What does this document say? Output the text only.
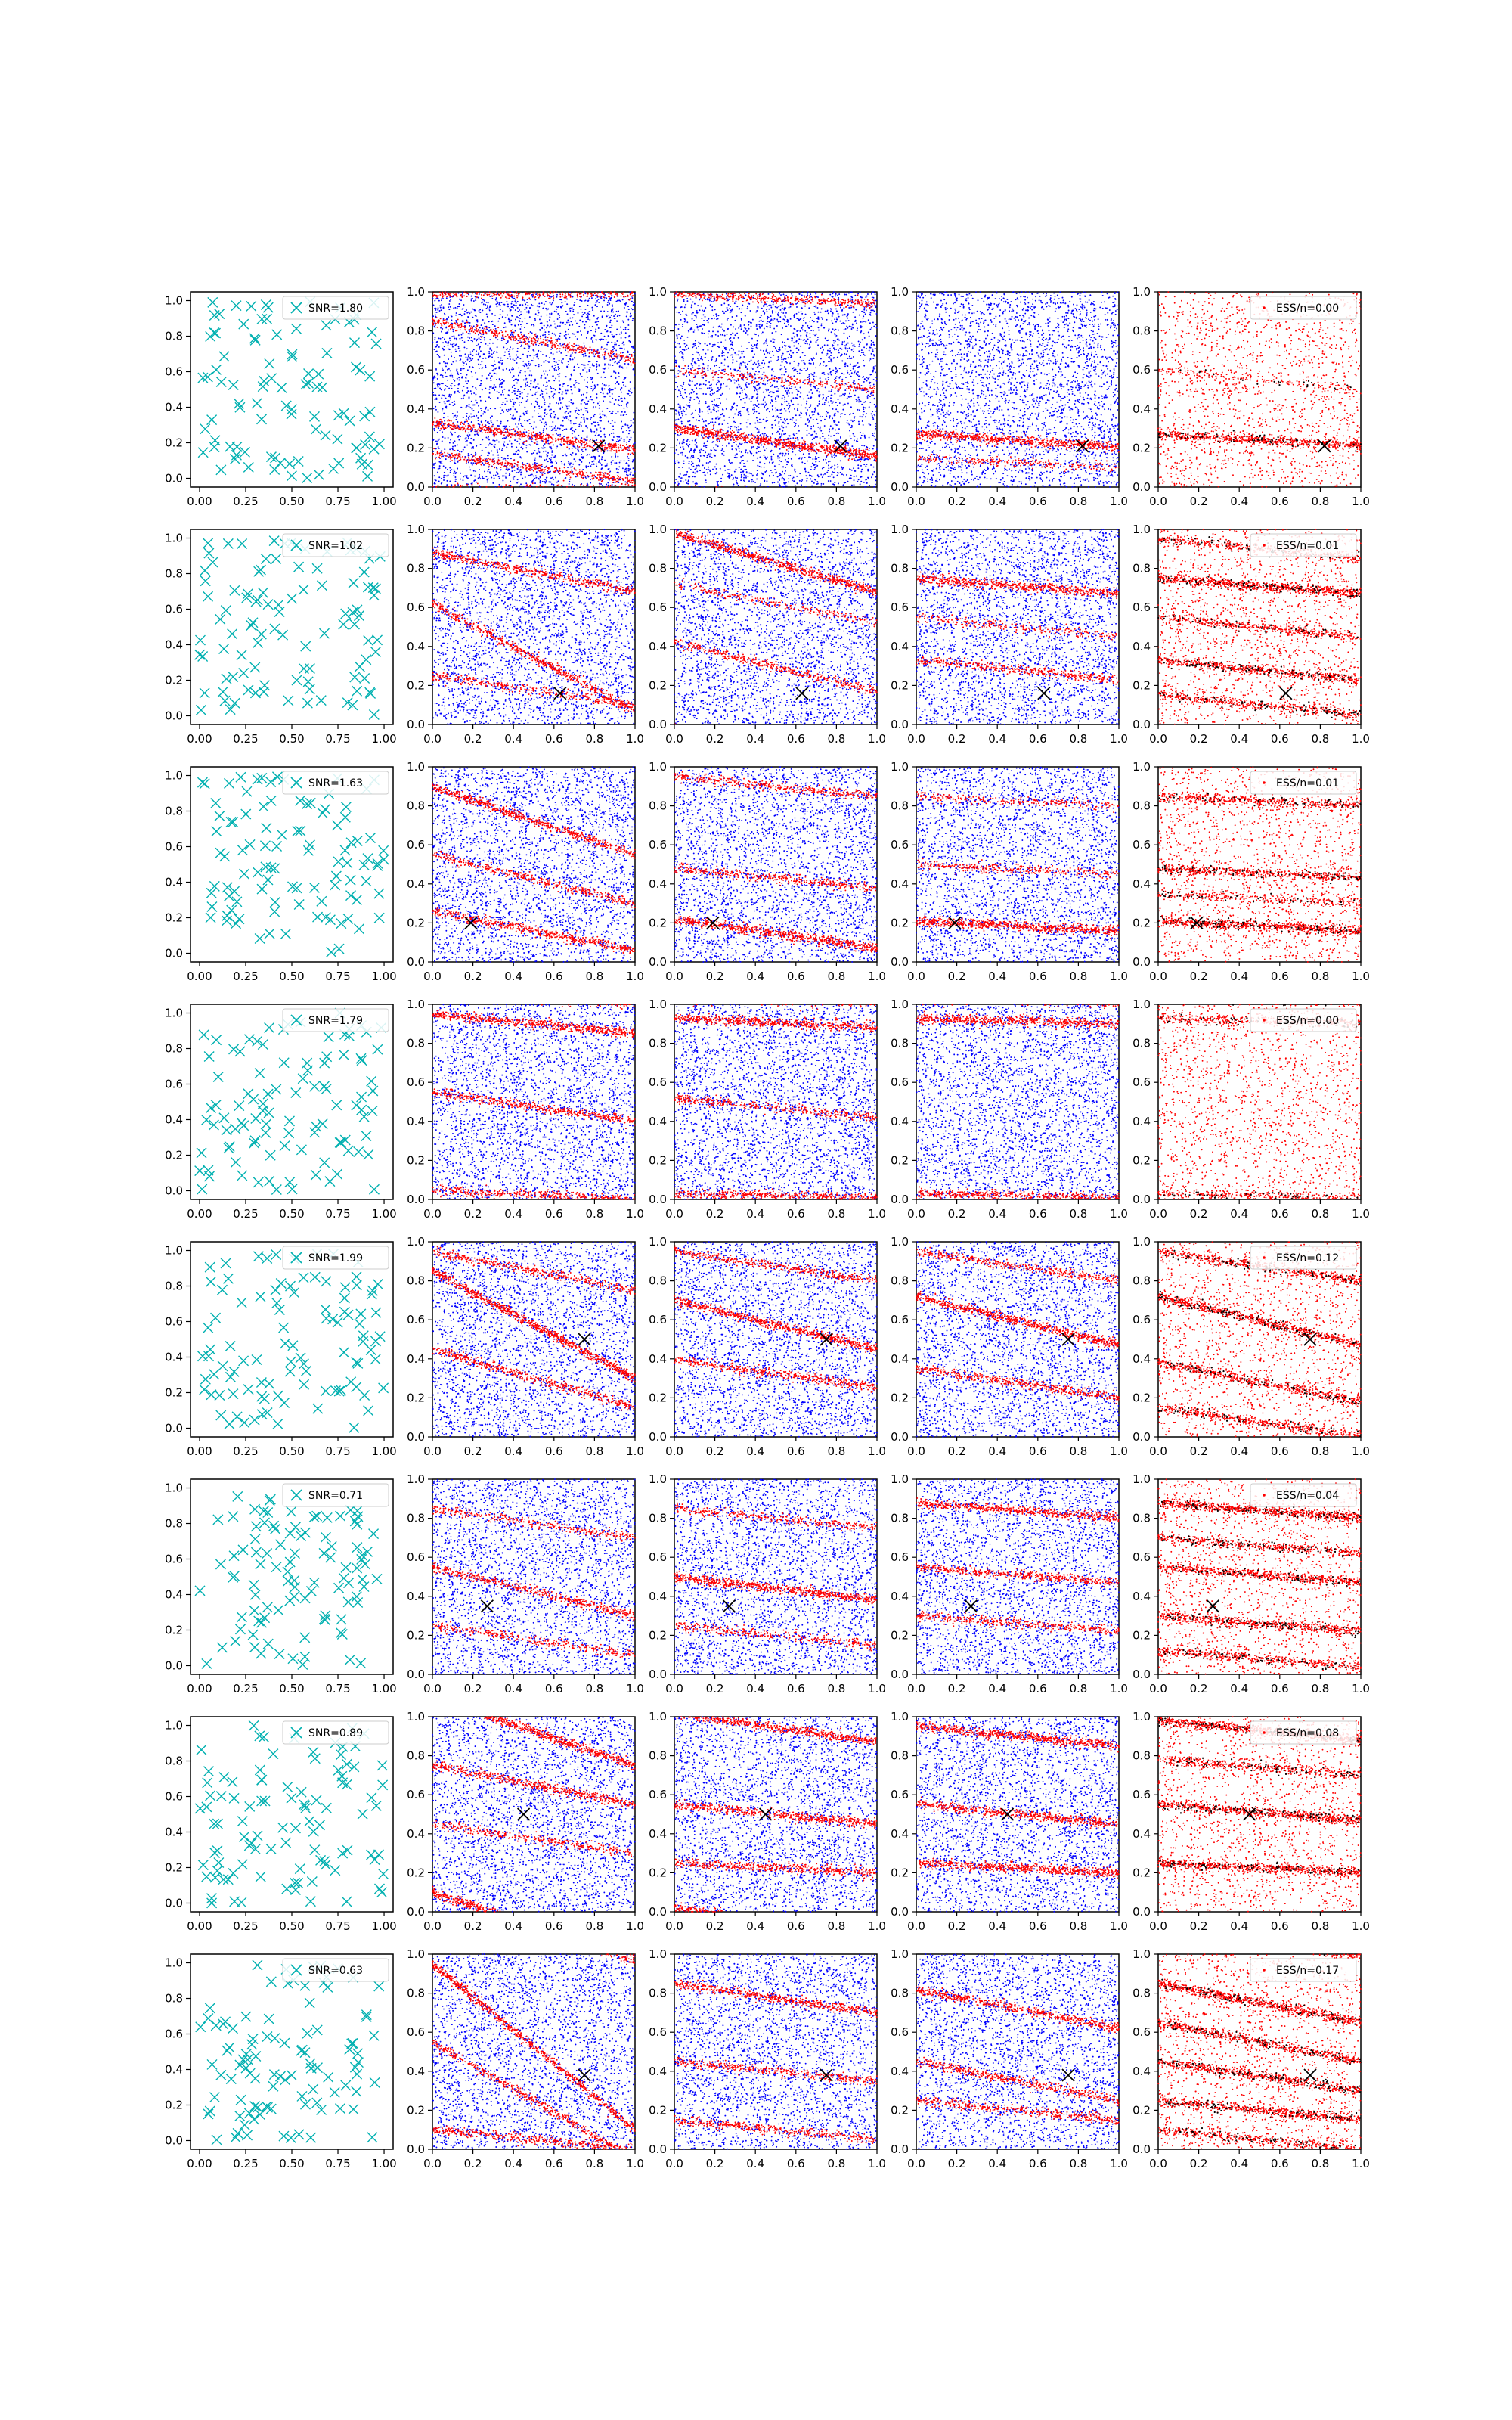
0.00 0.25 0.50 0.75 1.00
0.0
0.2
0.4
0.6
0.8
1.0
SNR=1.80
0.0 0.2 0.4 0.6 0.8 1.0
0.0
0.2
0.4
0.6
0.8
1.0
0.0 0.2 0.4 0.6 0.8 1.0
0.0
0.2
0.4
0.6
0.8
1.0
0.0 0.2 0.4 0.6 0.8 1.0
0.0
0.2
0.4
0.6
0.8
1.0
0.0 0.2 0.4 0.6 0.8 1.0
0.0
0.2
0.4
0.6
0.8
1.0
ESS/n=0.00
0.00 0.25 0.50 0.75 1.00
0.0
0.2
0.4
0.6
0.8
1.0
SNR=1.02
0.0 0.2 0.4 0.6 0.8 1.0
0.0
0.2
0.4
0.6
0.8
1.0
0.0 0.2 0.4 0.6 0.8 1.0
0.0
0.2
0.4
0.6
0.8
1.0
0.0 0.2 0.4 0.6 0.8 1.0
0.0
0.2
0.4
0.6
0.8
1.0
0.0 0.2 0.4 0.6 0.8 1.0
0.0
0.2
0.4
0.6
0.8
1.0
ESS/n=0.01
0.00 0.25 0.50 0.75 1.00
0.0
0.2
0.4
0.6
0.8
1.0
SNR=1.63
0.0 0.2 0.4 0.6 0.8 1.0
0.0
0.2
0.4
0.6
0.8
1.0
0.0 0.2 0.4 0.6 0.8 1.0
0.0
0.2
0.4
0.6
0.8
1.0
0.0 0.2 0.4 0.6 0.8 1.0
0.0
0.2
0.4
0.6
0.8
1.0
0.0 0.2 0.4 0.6 0.8 1.0
0.0
0.2
0.4
0.6
0.8
1.0
ESS/n=0.01
0.00 0.25 0.50 0.75 1.00
0.0
0.2
0.4
0.6
0.8
1.0
SNR=1.79
0.0 0.2 0.4 0.6 0.8 1.0
0.0
0.2
0.4
0.6
0.8
1.0
0.0 0.2 0.4 0.6 0.8 1.0
0.0
0.2
0.4
0.6
0.8
1.0
0.0 0.2 0.4 0.6 0.8 1.0
0.0
0.2
0.4
0.6
0.8
1.0
0.0 0.2 0.4 0.6 0.8 1.0
0.0
0.2
0.4
0.6
0.8
1.0
ESS/n=0.00
0.00 0.25 0.50 0.75 1.00
0.0
0.2
0.4
0.6
0.8
1.0
SNR=1.99
0.0 0.2 0.4 0.6 0.8 1.0
0.0
0.2
0.4
0.6
0.8
1.0
0.0 0.2 0.4 0.6 0.8 1.0
0.0
0.2
0.4
0.6
0.8
1.0
0.0 0.2 0.4 0.6 0.8 1.0
0.0
0.2
0.4
0.6
0.8
1.0
0.0 0.2 0.4 0.6 0.8 1.0
0.0
0.2
0.4
0.6
0.8
1.0
ESS/n=0.12
0.00 0.25 0.50 0.75 1.00
0.0
0.2
0.4
0.6
0.8
1.0
SNR=0.71
0.0 0.2 0.4 0.6 0.8 1.0
0.0
0.2
0.4
0.6
0.8
1.0
0.0 0.2 0.4 0.6 0.8 1.0
0.0
0.2
0.4
0.6
0.8
1.0
0.0 0.2 0.4 0.6 0.8 1.0
0.0
0.2
0.4
0.6
0.8
1.0
0.0 0.2 0.4 0.6 0.8 1.0
0.0
0.2
0.4
0.6
0.8
1.0
ESS/n=0.04
0.00 0.25 0.50 0.75 1.00
0.0
0.2
0.4
0.6
0.8
1.0
SNR=0.89
0.0 0.2 0.4 0.6 0.8 1.0
0.0
0.2
0.4
0.6
0.8
1.0
0.0 0.2 0.4 0.6 0.8 1.0
0.0
0.2
0.4
0.6
0.8
1.0
0.0 0.2 0.4 0.6 0.8 1.0
0.0
0.2
0.4
0.6
0.8
1.0
0.0 0.2 0.4 0.6 0.8 1.0
0.0
0.2
0.4
0.6
0.8
1.0
ESS/n=0.08
0.00 0.25 0.50 0.75 1.00
0.0
0.2
0.4
0.6
0.8
1.0
SNR=0.63
0.0 0.2 0.4 0.6 0.8 1.0
0.0
0.2
0.4
0.6
0.8
1.0
0.0 0.2 0.4 0.6 0.8 1.0
0.0
0.2
0.4
0.6
0.8
1.0
0.0 0.2 0.4 0.6 0.8 1.0
0.0
0.2
0.4
0.6
0.8
1.0
0.0 0.2 0.4 0.6 0.8 1.0
0.0
0.2
0.4
0.6
0.8
1.0
ESS/n=0.17
